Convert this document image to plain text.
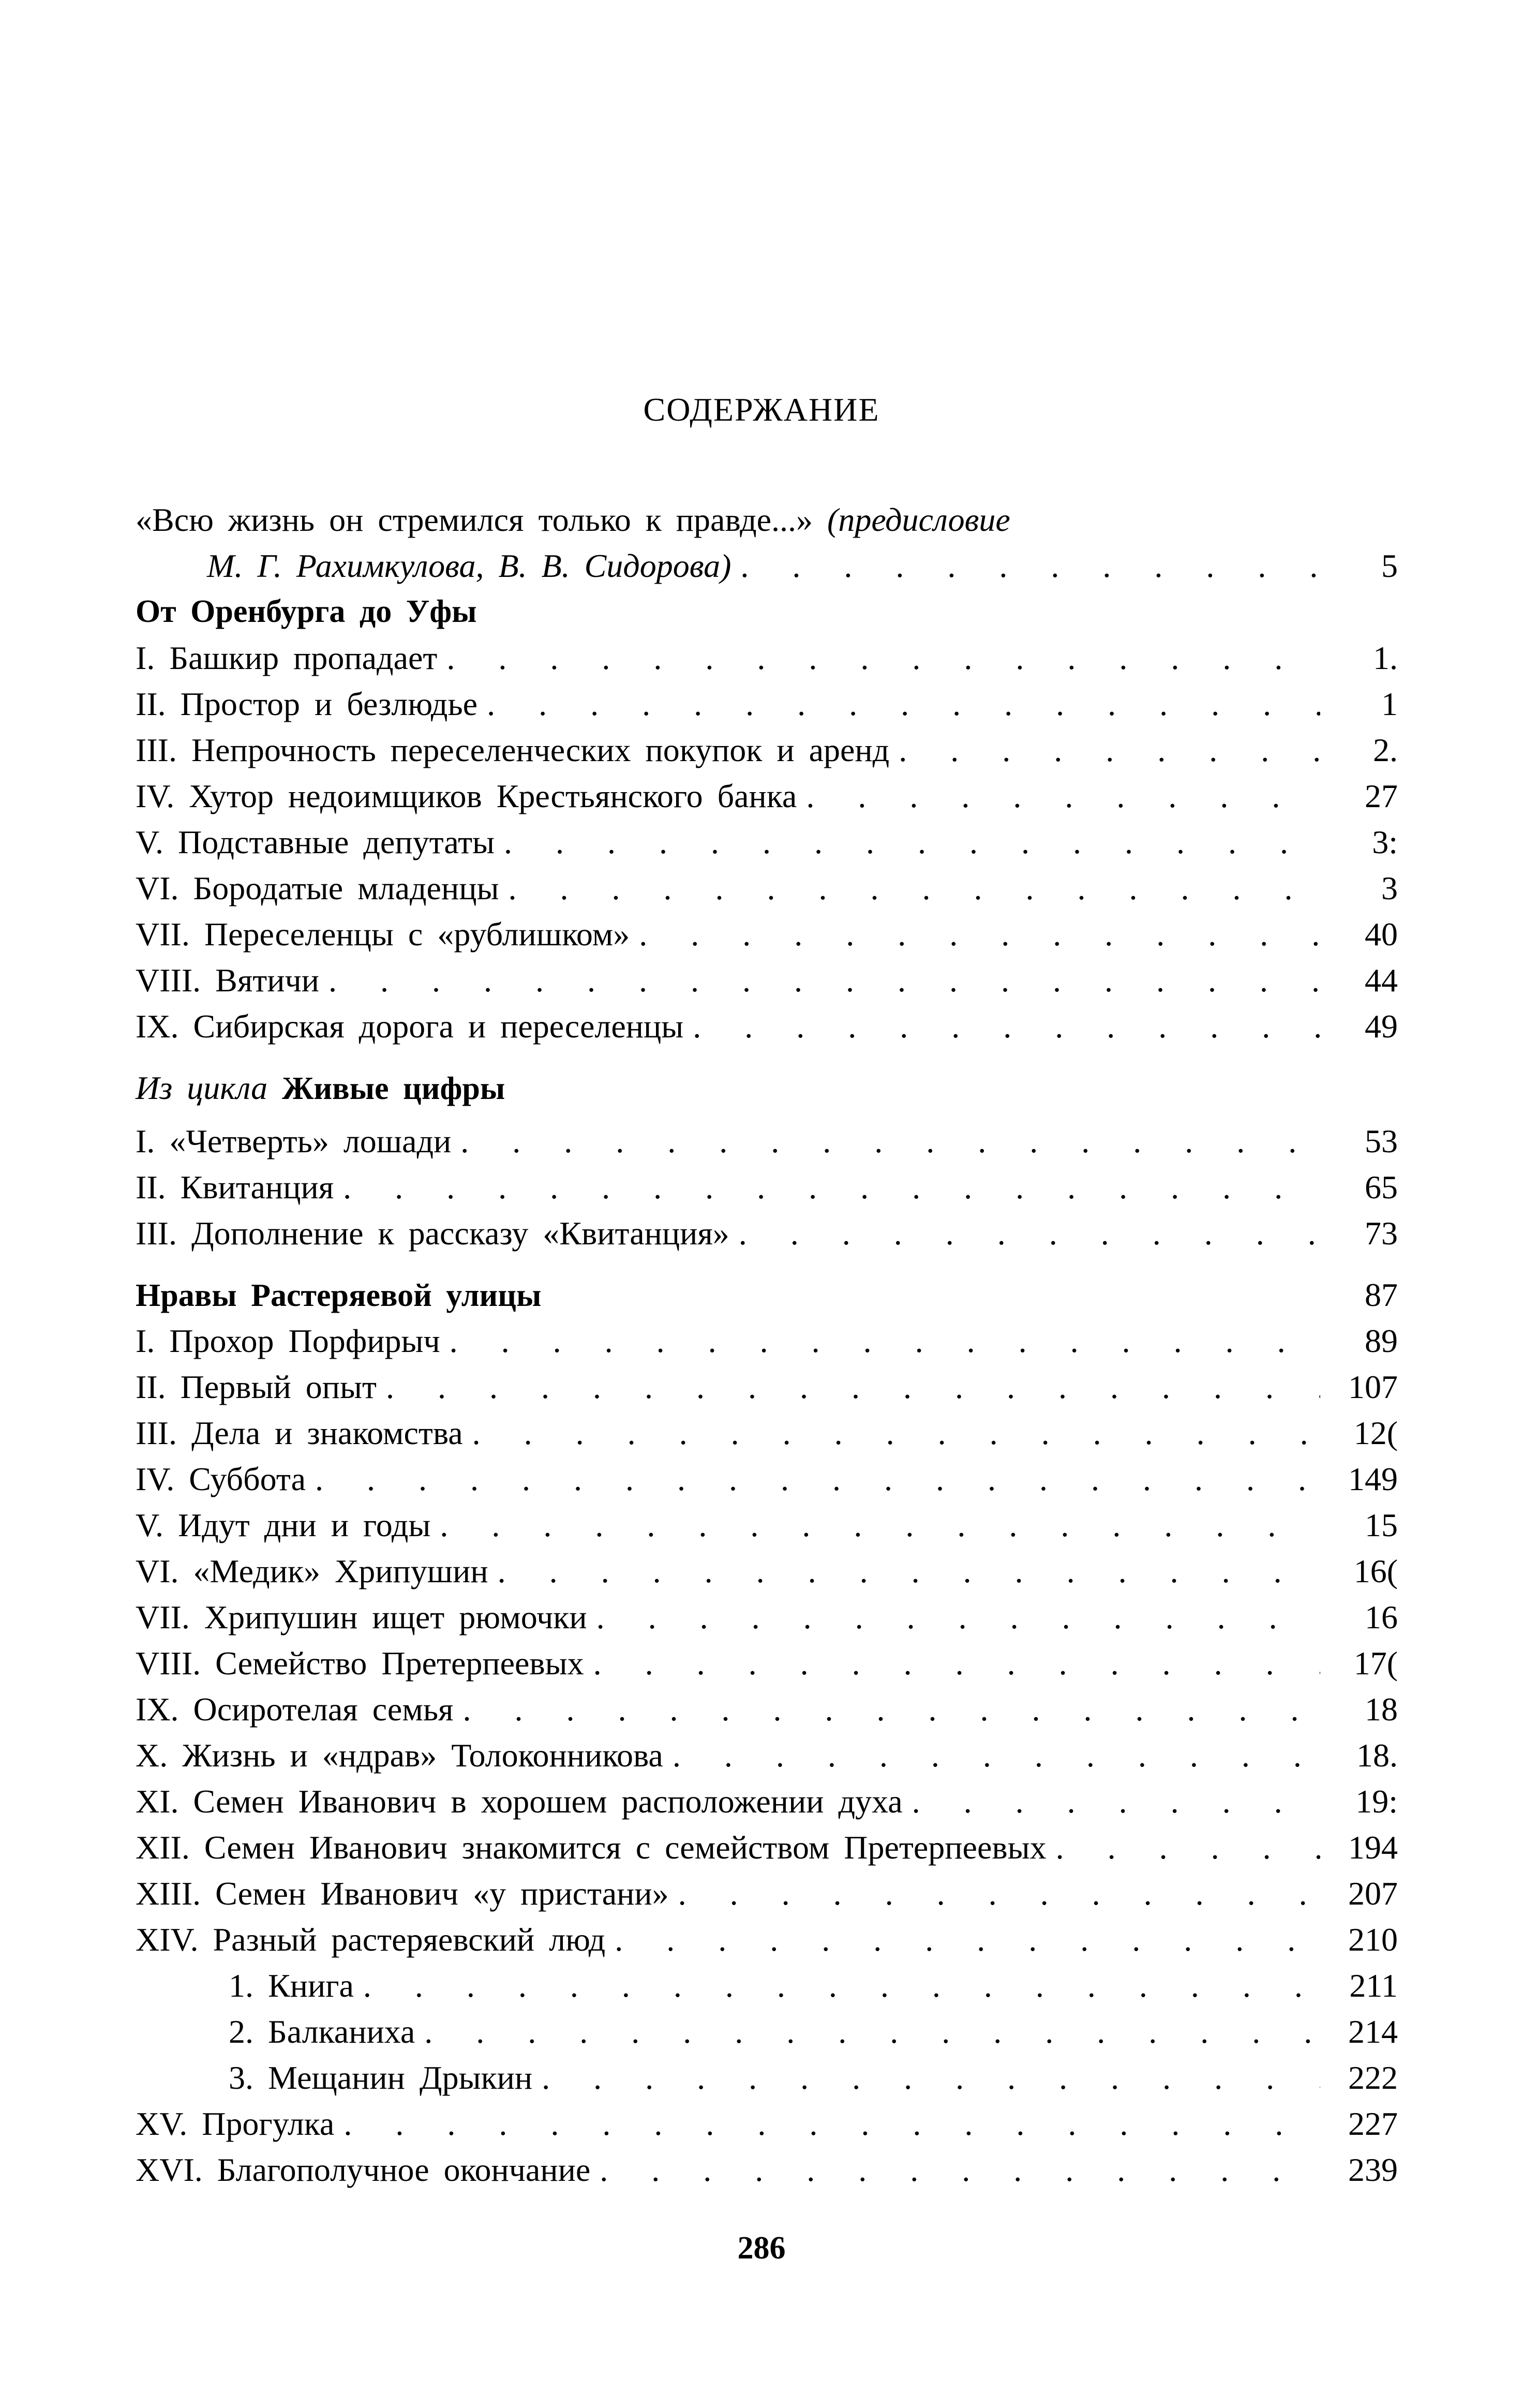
СОДЕРЖАНИЕ
«Всю жизнь он стремился только к правде...» (предисловие
М. Г. Рахимкулова, В. В. Сидорова) . . .	5
От Оренбурга до Уфы
I. Башкир пропадает . . .	1.
II. Простор и безлюдье . . .	1
III. Непрочность переселенческих покупок и аренд . . .	2.
IV. Хутор недоимщиков Крестьянского банка . . .	27
V. Подставные депутаты . . .	3:
VI. Бородатые младенцы . . .	3
VII. Переселенцы с «рублишком» . . .	40
VIII. Вятичи . . .	44
IX. Сибирская дорога и переселенцы . . .	49
Из цикла Живые цифры
I. «Четверть» лошади . . .	53
II. Квитанция . . .	65
III. Дополнение к рассказу «Квитанция» . . .	73
Нравы Растеряевой улицы	87
I. Прохор Порфирыч . . .	89
II. Первый опыт . . .	107
III. Дела и знакомства . . .	12(
IV. Суббота . . .	149
V. Идут дни и годы . . .	15
VI. «Медик» Хрипушин . . .	16(
VII. Хрипушин ищет рюмочки . . .	16
VIII. Семейство Претерпеевых . . .	17(
IX. Осиротелая семья . . .	18
X. Жизнь и «ндрав» Толоконникова . . .	18.
XI. Семен Иванович в хорошем расположении духа . . .	19:
XII. Семен Иванович знакомится с семейством Претерпеевых . . .	194
XIII. Семен Иванович «у пристани» . . .	207
XIV. Разный растеряевский люд . . .	210
1. Книга . . .	211
2. Балканиха . . .	214
3. Мещанин Дрыкин . . .	222
XV. Прогулка . . .	227
XVI. Благополучное окончание . . .	239
286
